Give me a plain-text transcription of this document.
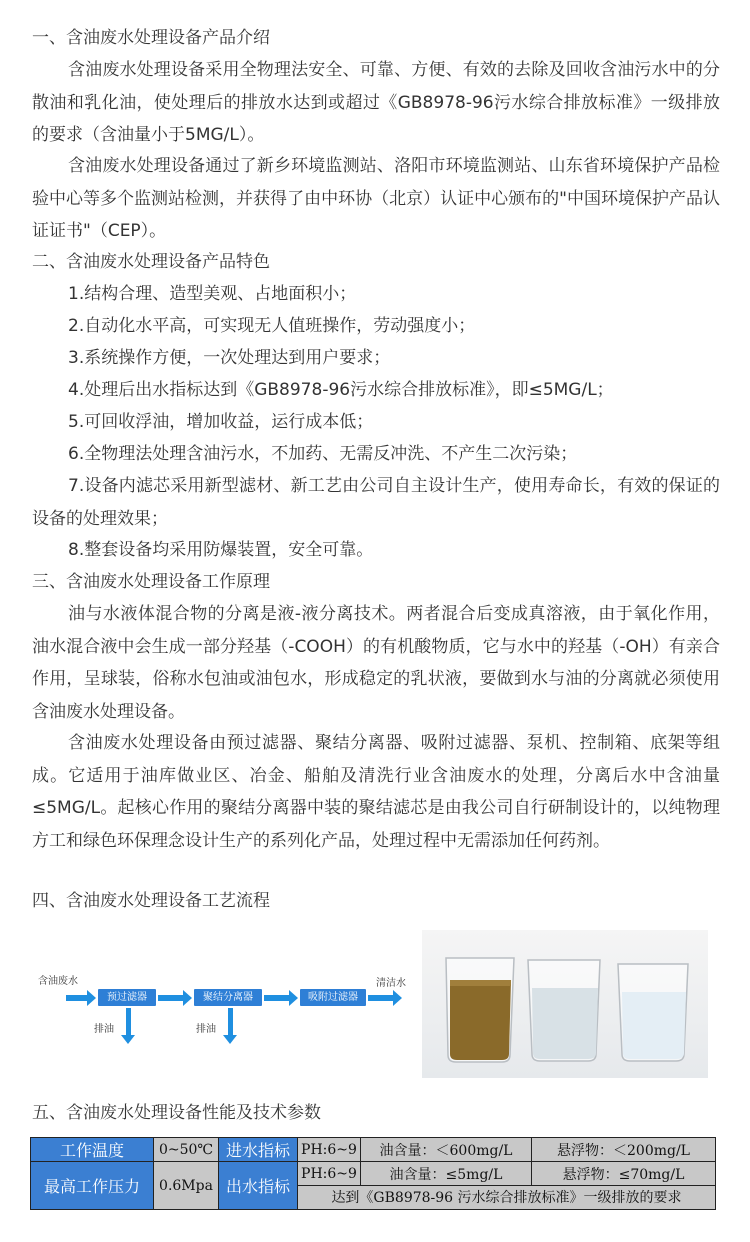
一、含油废水处理设备产品介绍
含油废水处理设备采用全物理法安全、可靠、方便、有效的去除及回收含油污水中的分散油和乳化油，使处理后的排放水达到或超过《GB8978-96污水综合排放标准》一级排放的要求（含油量小于5MG/L）。
含油废水处理设备通过了新乡环境监测站、洛阳市环境监测站、山东省环境保护产品检验中心等多个监测站检测，并获得了由中环协（北京）认证中心颁布的"中国环境保护产品认证证书"（CEP）。
二、含油废水处理设备产品特色
1.结构合理、造型美观、占地面积小；
2.自动化水平高，可实现无人值班操作，劳动强度小；
3.系统操作方便，一次处理达到用户要求；
4.处理后出水指标达到《GB8978-96污水综合排放标准》，即≤5MG/L；
5.可回收浮油，增加收益，运行成本低；
6.全物理法处理含油污水，不加药、无需反冲洗、不产生二次污染；
7.设备内滤芯采用新型滤材、新工艺由公司自主设计生产，使用寿命长，有效的保证的设备的处理效果；
8.整套设备均采用防爆装置，安全可靠。
三、含油废水处理设备工作原理
油与水液体混合物的分离是液-液分离技术。两者混合后变成真溶液，由于氧化作用，油水混合液中会生成一部分羟基（-COOH）的有机酸物质，它与水中的羟基（-OH）有亲合作用，呈球装，俗称水包油或油包水，形成稳定的乳状液，要做到水与油的分离就必须使用含油废水处理设备。
含油废水处理设备由预过滤器、聚结分离器、吸附过滤器、泵机、控制箱、底架等组成。它适用于油库做业区、冶金、船舶及清洗行业含油废水的处理，分离后水中含油量≤5MG/L。起核心作用的聚结分离器中装的聚结滤芯是由我公司自行研制设计的，以纯物理方工和绿色环保理念设计生产的系列化产品，处理过程中无需添加任何药剂。
四、含油废水处理设备工艺流程
含油废水
预过滤器	聚结分离器	吸附过滤器
清洁水
排油	排油
五、含油废水处理设备性能及技术参数
工作温度	0~50℃	进水指标	PH:6~9	油含量：＜600mg/L	悬浮物：＜200mg/L
最高工作压力	0.6Mpa	出水指标	PH:6~9	油含量：≤5mg/L	悬浮物：≤70mg/L
			达到《GB8978-96 污水综合排放标准》一级排放的要求		
